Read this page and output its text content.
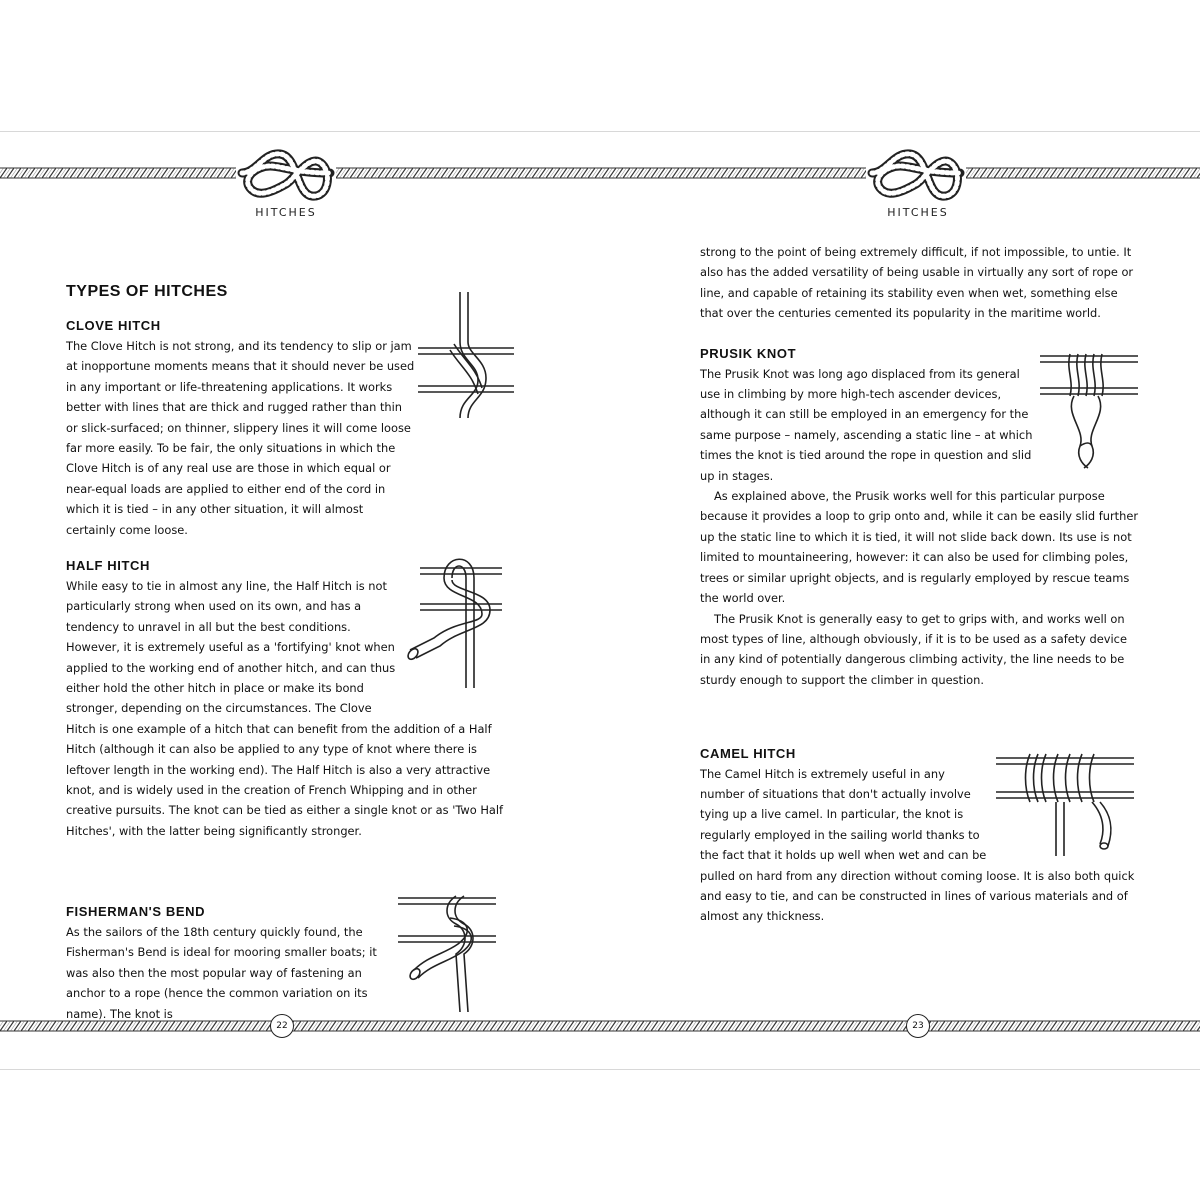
HITCHES	HITCHES
22	23
TYPES OF HITCHES
CLOVE HITCH

The Clove Hitch is not strong, and its tendency to slip or jam at inopportune moments means that it should never be used in any important or life-threatening applications. It works better with lines that are thick and rugged rather than thin or slick-surfaced; on thinner, slippery lines it will come loose far more easily. To be fair, the only situations in which the Clove Hitch is of any real use are those in which equal or near-equal loads are applied to either end of the cord in which it is tied – in any other situation, it will almost certainly come loose.

HALF HITCH

While easy to tie in almost any line, the Half Hitch is not particularly strong when used on its own, and has a tendency to unravel in all but the best conditions. However, it is extremely useful as a 'fortifying' knot when applied to the working end of another hitch, and can thus either hold the other hitch in place or make its bond stronger, depending on the circumstances. The Clove Hitch is one example of a hitch that can benefit from the addition of a Half Hitch (although it can also be applied to any type of knot where there is leftover length in the working end). The Half Hitch is also a very attractive knot, and is widely used in the creation of French Whipping and in other creative pursuits. The knot can be tied as either a single knot or as 'Two Half Hitches', with the latter being significantly stronger.

FISHERMAN'S BEND

As the sailors of the 18th century quickly found, the Fisherman's Bend is ideal for mooring smaller boats; it was also then the most popular way of fastening an anchor to a rope (hence the common variation on its name). The knot is

strong to the point of being extremely difficult, if not impossible, to untie. It also has the added versatility of being usable in virtually any sort of rope or line, and capable of retaining its stability even when wet, something else that over the centuries cemented its popularity in the maritime world.

PRUSIK KNOT

The Prusik Knot was long ago displaced from its general use in climbing by more high-tech ascender devices, although it can still be employed in an emergency for the same purpose – namely, ascending a static line – at which times the knot is tied around the rope in question and slid up in stages.

As explained above, the Prusik works well for this particular purpose because it provides a loop to grip onto and, while it can be easily slid further up the static line to which it is tied, it will not slide back down. Its use is not limited to mountaineering, however: it can also be used for climbing poles, trees or similar upright objects, and is regularly employed by rescue teams the world over.

The Prusik Knot is generally easy to get to grips with, and works well on most types of line, although obviously, if it is to be used as a safety device in any kind of potentially dangerous climbing activity, the line needs to be sturdy enough to support the climber in question.

CAMEL HITCH

The Camel Hitch is extremely useful in any number of situations that don't actually involve tying up a live camel. In particular, the knot is regularly employed in the sailing world thanks to the fact that it holds up well when wet and can be pulled on hard from any direction without coming loose. It is also both quick and easy to tie, and can be constructed in lines of various materials and of almost any thickness.
